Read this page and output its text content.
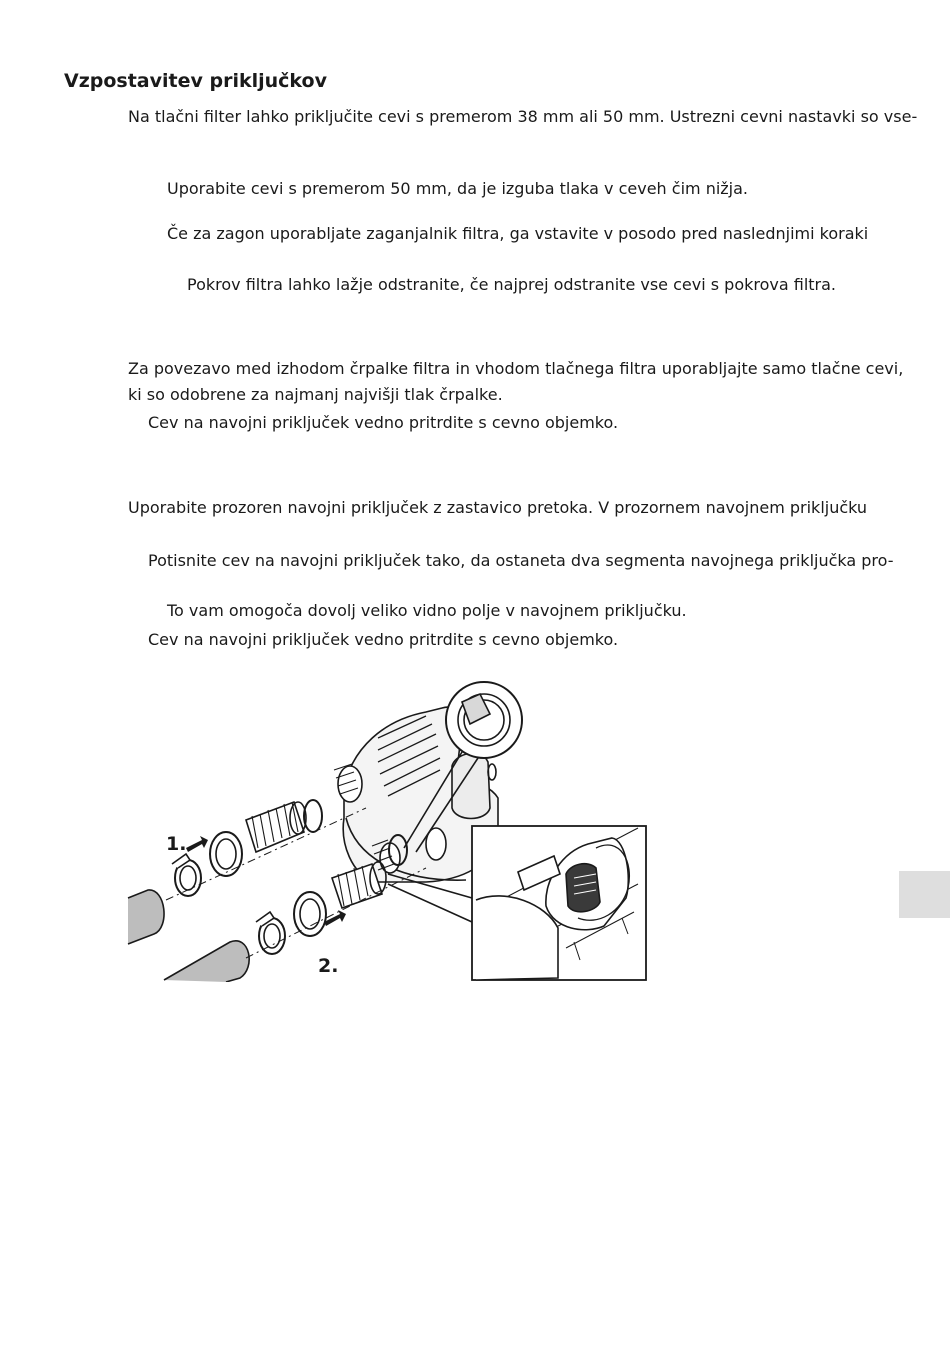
Vzpostavitev priključkov
Na tlačni filter lahko priključite cevi s premerom 38 mm ali 50 mm. Ustrezni cevni nastavki so vse-
Uporabite cevi s premerom 50 mm, da je izguba tlaka v ceveh čim nižja.
Če za zagon uporabljate zaganjalnik filtra, ga vstavite v posodo pred naslednjimi koraki
Pokrov filtra lahko lažje odstranite, če najprej odstranite vse cevi s pokrova filtra.
Za povezavo med izhodom črpalke filtra in vhodom tlačnega filtra uporabljajte samo tlačne cevi,
ki so odobrene za najmanj najvišji tlak črpalke.
Cev na navojni priključek vedno pritrdite s cevno objemko.
Uporabite prozoren navojni priključek z zastavico pretoka. V prozornem navojnem priključku
Potisnite cev na navojni priključek tako, da ostaneta dva segmenta navojnega priključka pro-
To vam omogoča dovolj veliko vidno polje v navojnem priključku.
Cev na navojni priključek vedno pritrdite s cevno objemko.
1.
2.
